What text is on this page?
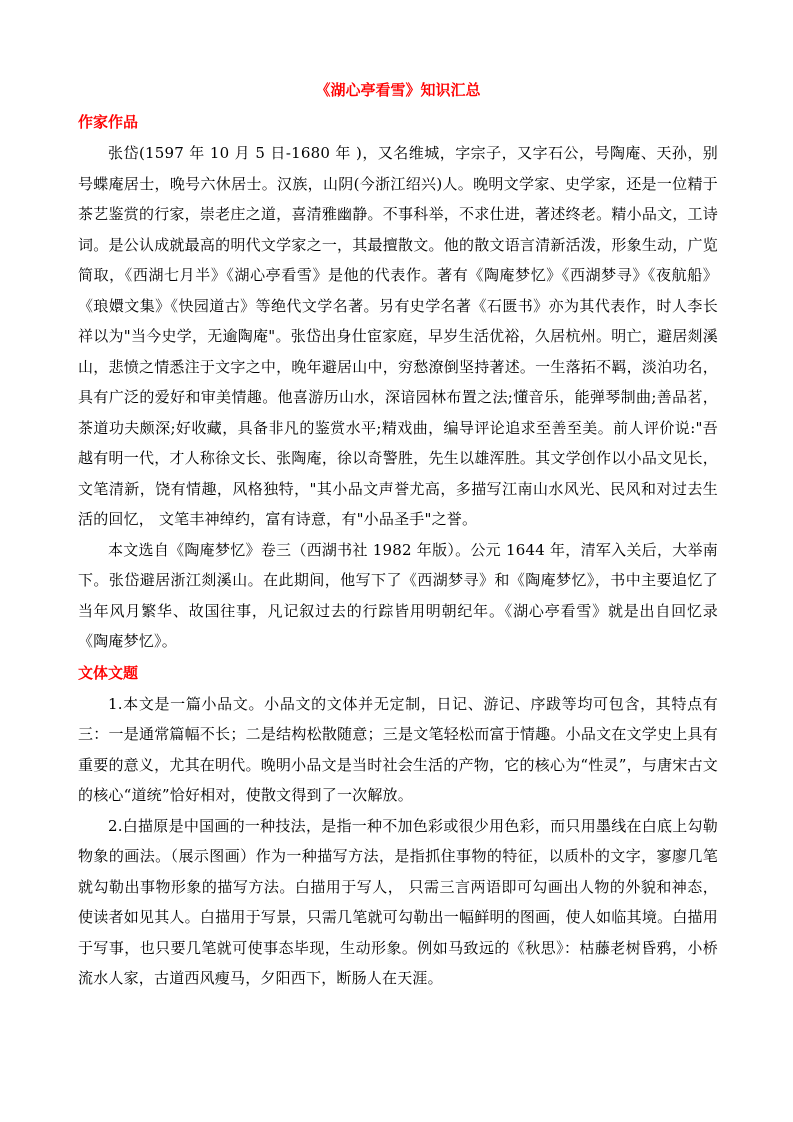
《湖心亭看雪》知识汇总
作家作品

张岱(1597 年 10 月 5 日-1680 年 )，又名维城，字宗子，又字石公，号陶庵、天孙，别号蝶庵居士，晚号六休居士。汉族，山阴(今浙江绍兴)人。晚明文学家、史学家，还是一位精于茶艺鉴赏的行家，崇老庄之道，喜清雅幽静。不事科举，不求仕进，著述终老。精小品文，工诗词。是公认成就最高的明代文学家之一，其最擅散文。他的散文语言清新活泼，形象生动，广览简取，《西湖七月半》《湖心亭看雪》是他的代表作。著有《陶庵梦忆》《西湖梦寻》《夜航船》《琅嬛文集》《快园道古》等绝代文学名著。另有史学名著《石匮书》亦为其代表作，时人李长祥以为"当今史学，无逾陶庵"。张岱出身仕宦家庭，早岁生活优裕，久居杭州。明亡，避居剡溪山，悲愤之情悉注于文字之中，晚年避居山中，穷愁潦倒坚持著述。一生落拓不羁，淡泊功名，具有广泛的爱好和审美情趣。他喜游历山水，深谙园林布置之法;懂音乐，能弹琴制曲;善品茗，茶道功夫颇深;好收藏，具备非凡的鉴赏水平;精戏曲，编导评论追求至善至美。前人评价说:"吾越有明一代，才人称徐文长、张陶庵，徐以奇警胜，先生以雄浑胜。其文学创作以小品文见长，文笔清新，饶有情趣，风格独特，"其小品文声誉尤高，多描写江南山水风光、民风和对过去生活的回忆， 文笔丰神绰约，富有诗意，有"小品圣手"之誉。

本文选自《陶庵梦忆》卷三（西湖书社 1982 年版）。公元 1644 年，清军入关后，大举南下。张岱避居浙江剡溪山。在此期间，他写下了《西湖梦寻》和《陶庵梦忆》，书中主要追忆了当年风月繁华、故国往事，凡记叙过去的行踪皆用明朝纪年。《湖心亭看雪》就是出自回忆录《陶庵梦忆》。

文体文题

1.本文是一篇小品文。小品文的文体并无定制，日记、游记、序跋等均可包含，其特点有三：一是通常篇幅不长；二是结构松散随意；三是文笔轻松而富于情趣。小品文在文学史上具有重要的意义，尤其在明代。晚明小品文是当时社会生活的产物，它的核心为“性灵”，与唐宋古文的核心“道统”恰好相对，使散文得到了一次解放。

2.白描原是中国画的一种技法，是指一种不加色彩或很少用色彩，而只用墨线在白底上勾勒物象的画法。（展示图画）作为一种描写方法，是指抓住事物的特征，以质朴的文字，寥廖几笔就勾勒出事物形象的描写方法。白描用于写人， 只需三言两语即可勾画出人物的外貌和神态，使读者如见其人。白描用于写景，只需几笔就可勾勒出一幅鲜明的图画，使人如临其境。白描用于写事，也只要几笔就可使事态毕现，生动形象。例如马致远的《秋思》：枯藤老树昏鸦，小桥流水人家，古道西风瘦马，夕阳西下，断肠人在天涯。
